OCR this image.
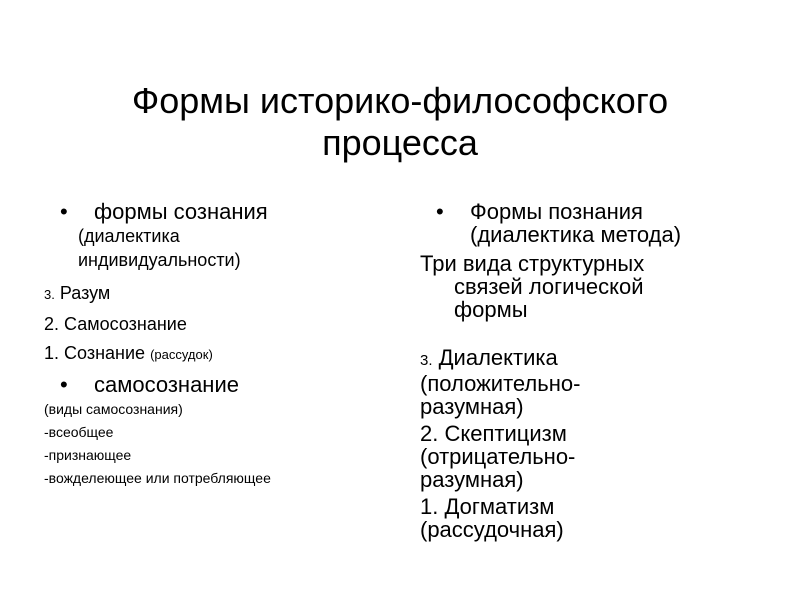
Формы историко-философского
процесса
• формы сознания
(диалектика
индивидуальности)
3. Разум
2. Самосознание
1. Сознание (рассудок)
• самосознание
(виды самосознания)
-всеобщее
-признающее
-вожделеющее или потребляющее
• Формы познания
(диалектика метода)
Три вида структурных
связей логической
формы
3. Диалектика
(положительно-
разумная)
2. Скептицизм
(отрицательно-
разумная)
1. Догматизм
(рассудочная)
